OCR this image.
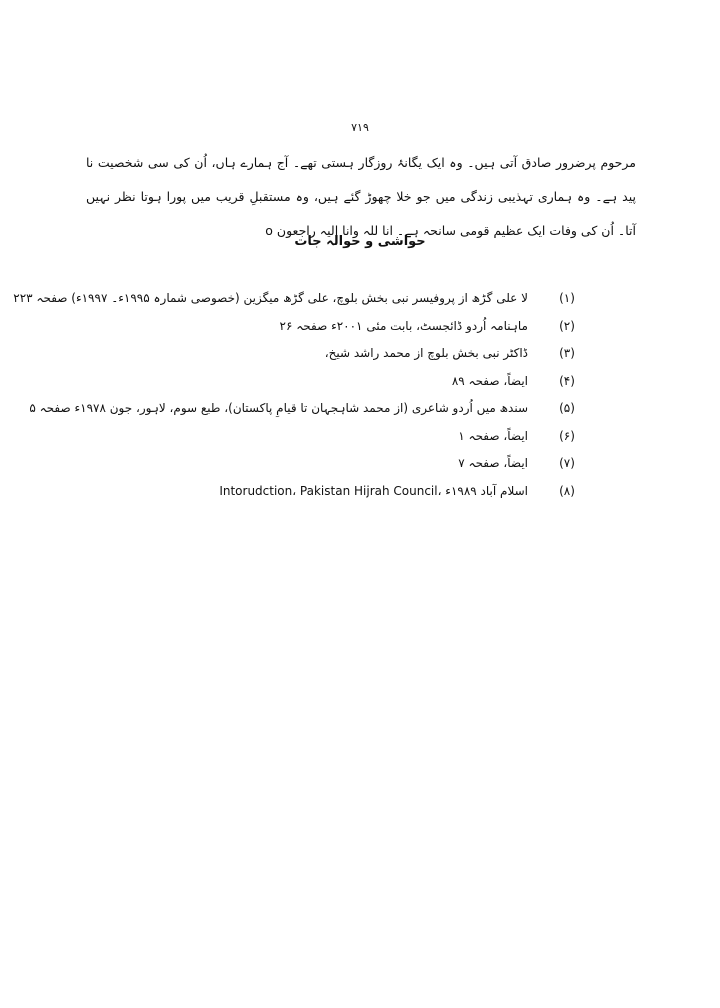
۷۱۹

مرحوم پرضرور صادق آتی ہیں۔ وہ ایک یگانۂ روزگار ہستی تھے۔ آج ہمارے ہاں، اُن کی سی شخصیت نا پید ہے۔ وہ ہماری تہذیبی زندگی میں جو خلا چھوڑ گئے ہیں، وہ مستقبلِ قریب میں پورا ہوتا نظر نہیں آتا۔ اُن کی وفات ایک عظیم قومی سانحہ ہے۔ انا للہ وانا الیہ راجعون o

حواشی و حوالہ جات
(۱)
لا علی گڑھ از پروفیسر نبی بخش بلوچ، علی گڑھ میگزین (خصوصی شمارہ ۱۹۹۵ء۔ ۱۹۹۷ء) صفحہ ۲۲۳
(۲)
ماہنامہ اُردو ڈائجسٹ، بابت مئی ۲۰۰۱ء صفحہ ۲۶
(۳)
ڈاکٹر نبی بخش بلوچ از محمد راشد شیخ،
(۴)
ایضاً، صفحہ ۸۹
(۵)
سندھ میں اُردو شاعری (از محمد شاہجہان تا قیامِ پاکستان)، طبع سوم، لاہور، جون ۱۹۷۸ء صفحہ ۵
(۶)
ایضاً، صفحہ ۱
(۷)
ایضاً، صفحہ ۷
(۸)
Intorudction، Pakistan Hijrah Council، اسلام آباد ۱۹۸۹ء
